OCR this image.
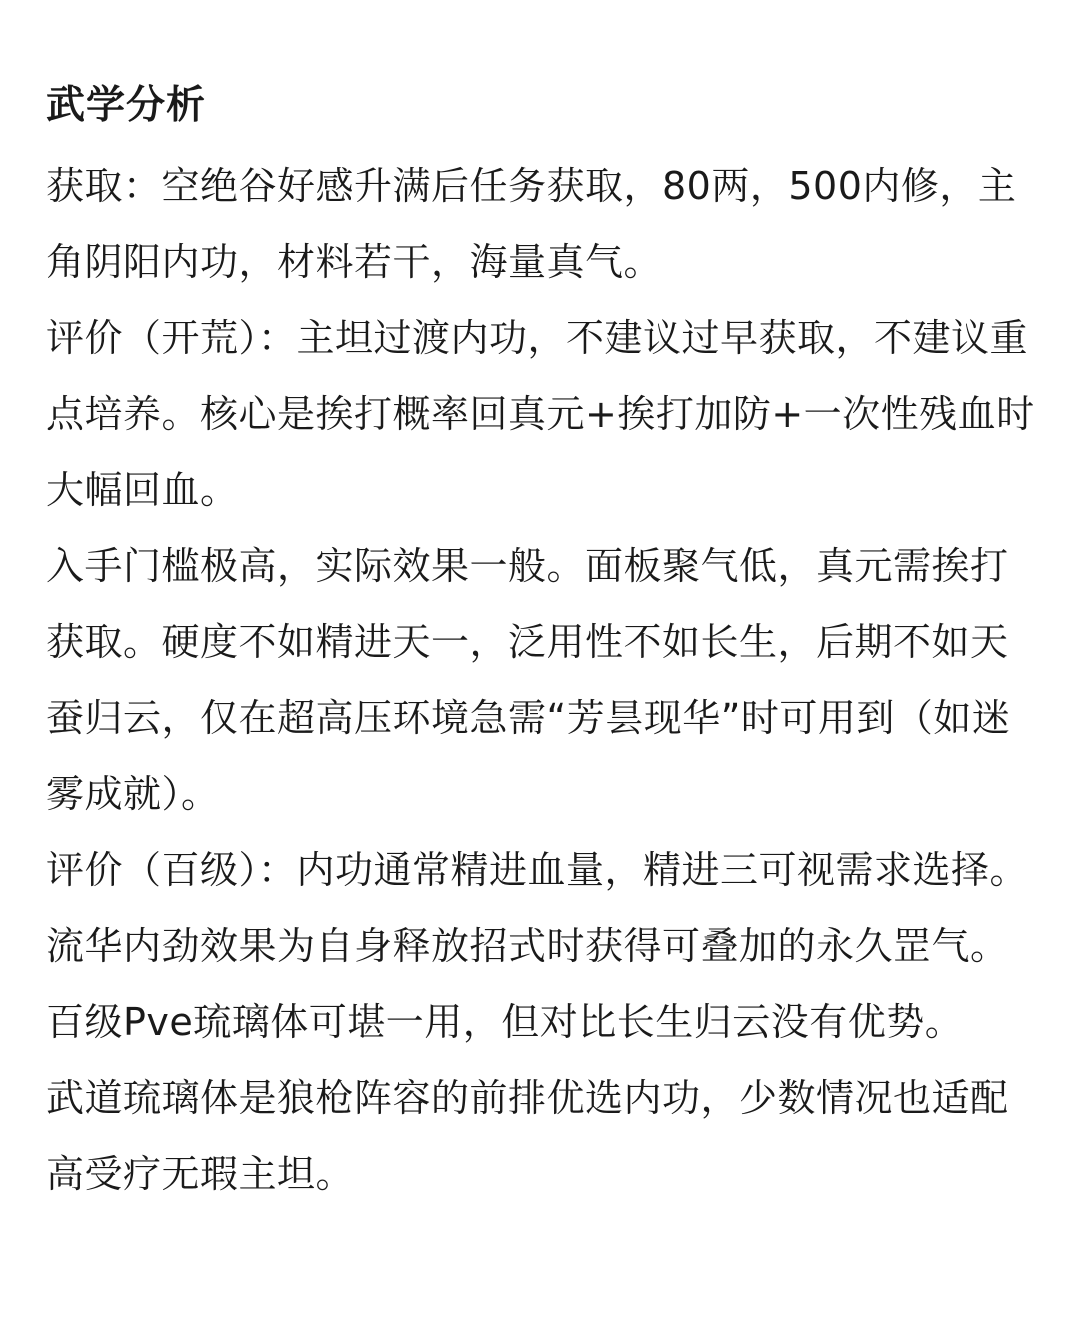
武学分析

获取：空绝谷好感升满后任务获取，80两，500内修，主角阴阳内功，材料若干，海量真气。

评价（开荒）：主坦过渡内功，不建议过早获取，不建议重点培养。核心是挨打概率回真元+挨打加防+一次性残血时大幅回血。

入手门槛极高，实际效果一般。面板聚气低，真元需挨打获取。硬度不如精进天一，泛用性不如长生，后期不如天蚕归云，仅在超高压环境急需“芳昙现华”时可用到（如迷雾成就）。

评价（百级）：内功通常精进血量，精进三可视需求选择。流华内劲效果为自身释放招式时获得可叠加的永久罡气。百级Pve琉璃体可堪一用，但对比长生归云没有优势。

武道琉璃体是狼枪阵容的前排优选内功，少数情况也适配高受疗无瑕主坦。
